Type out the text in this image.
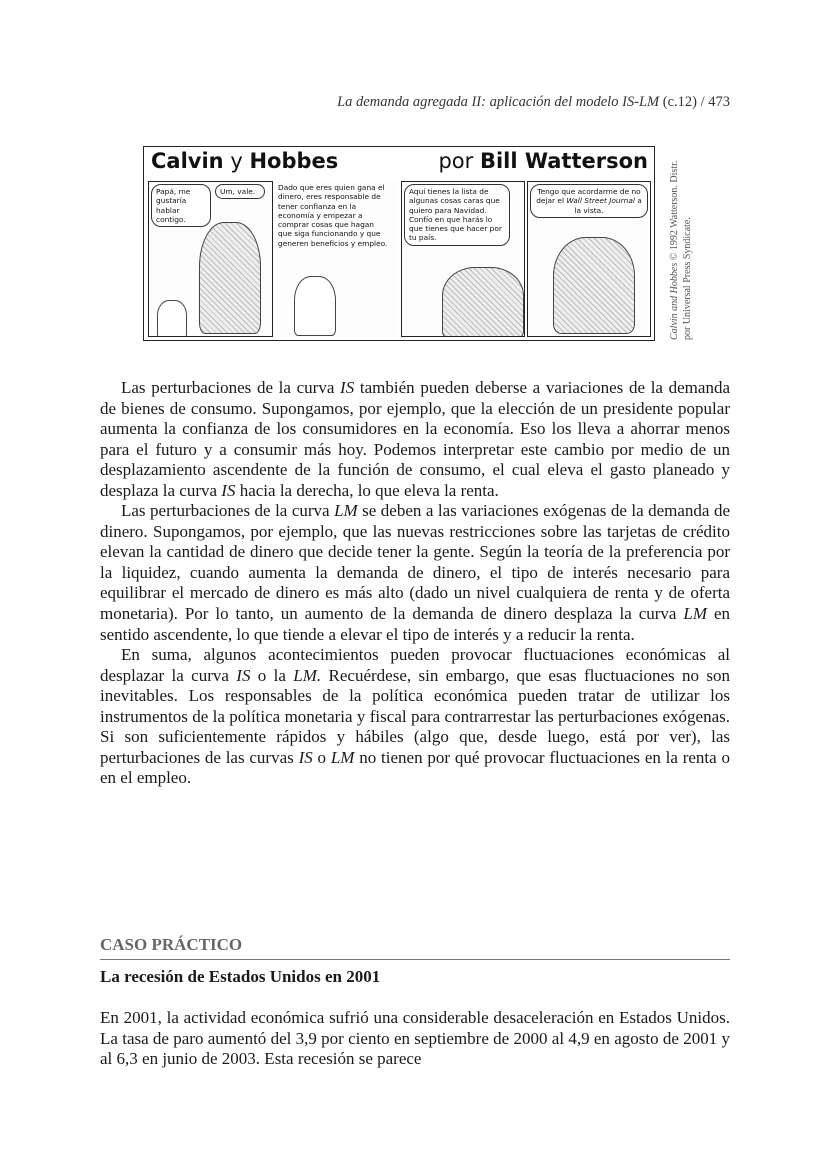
La demanda agregada II: aplicación del modelo IS-LM (c.12) / 473
Calvin y Hobbes	por Bill Watterson
Papá, me gustaría hablar contigo.
Um, vale.	Dado que eres quien gana el dinero, eres responsable de tener confianza en la economía y empezar a comprar cosas que hagan que siga funcionando y que generen beneficios y empleo.
Aquí tienes la lista de algunas cosas caras que quiero para Navidad. Confío en que harás lo que tienes que hacer por tu país.
Tengo que acordarme de no dejar el Wall Street Journal a la vista.
Calvin and Hobbes © 1992 Watterson. Distr. por Universal Press Syndicate.

Las perturbaciones de la curva IS también pueden deberse a variaciones de la demanda de bienes de consumo. Supongamos, por ejemplo, que la elección de un presidente popular aumenta la confianza de los consumidores en la economía. Eso los lleva a ahorrar menos para el futuro y a consumir más hoy. Podemos interpretar este cambio por medio de un desplazamiento ascendente de la función de consumo, el cual eleva el gasto planeado y desplaza la curva IS hacia la derecha, lo que eleva la renta.

Las perturbaciones de la curva LM se deben a las variaciones exógenas de la demanda de dinero. Supongamos, por ejemplo, que las nuevas restricciones sobre las tarjetas de crédito elevan la cantidad de dinero que decide tener la gente. Según la teoría de la preferencia por la liquidez, cuando aumenta la demanda de dinero, el tipo de interés necesario para equilibrar el mercado de dinero es más alto (dado un nivel cualquiera de renta y de oferta monetaria). Por lo tanto, un aumento de la demanda de dinero desplaza la curva LM en sentido ascendente, lo que tiende a elevar el tipo de interés y a reducir la renta.

En suma, algunos acontecimientos pueden provocar fluctuaciones económicas al desplazar la curva IS o la LM. Recuérdese, sin embargo, que esas fluctuaciones no son inevitables. Los responsables de la política económica pueden tratar de utilizar los instrumentos de la política monetaria y fiscal para contrarrestar las perturbaciones exógenas. Si son suficientemente rápidos y hábiles (algo que, desde luego, está por ver), las perturbaciones de las curvas IS o LM no tienen por qué provocar fluctuaciones en la renta o en el empleo.

CASO PRÁCTICO
La recesión de Estados Unidos en 2001
En 2001, la actividad económica sufrió una considerable desaceleración en Estados Unidos. La tasa de paro aumentó del 3,9 por ciento en septiembre de 2000 al 4,9 en agosto de 2001 y al 6,3 en junio de 2003. Esta recesión se parece
